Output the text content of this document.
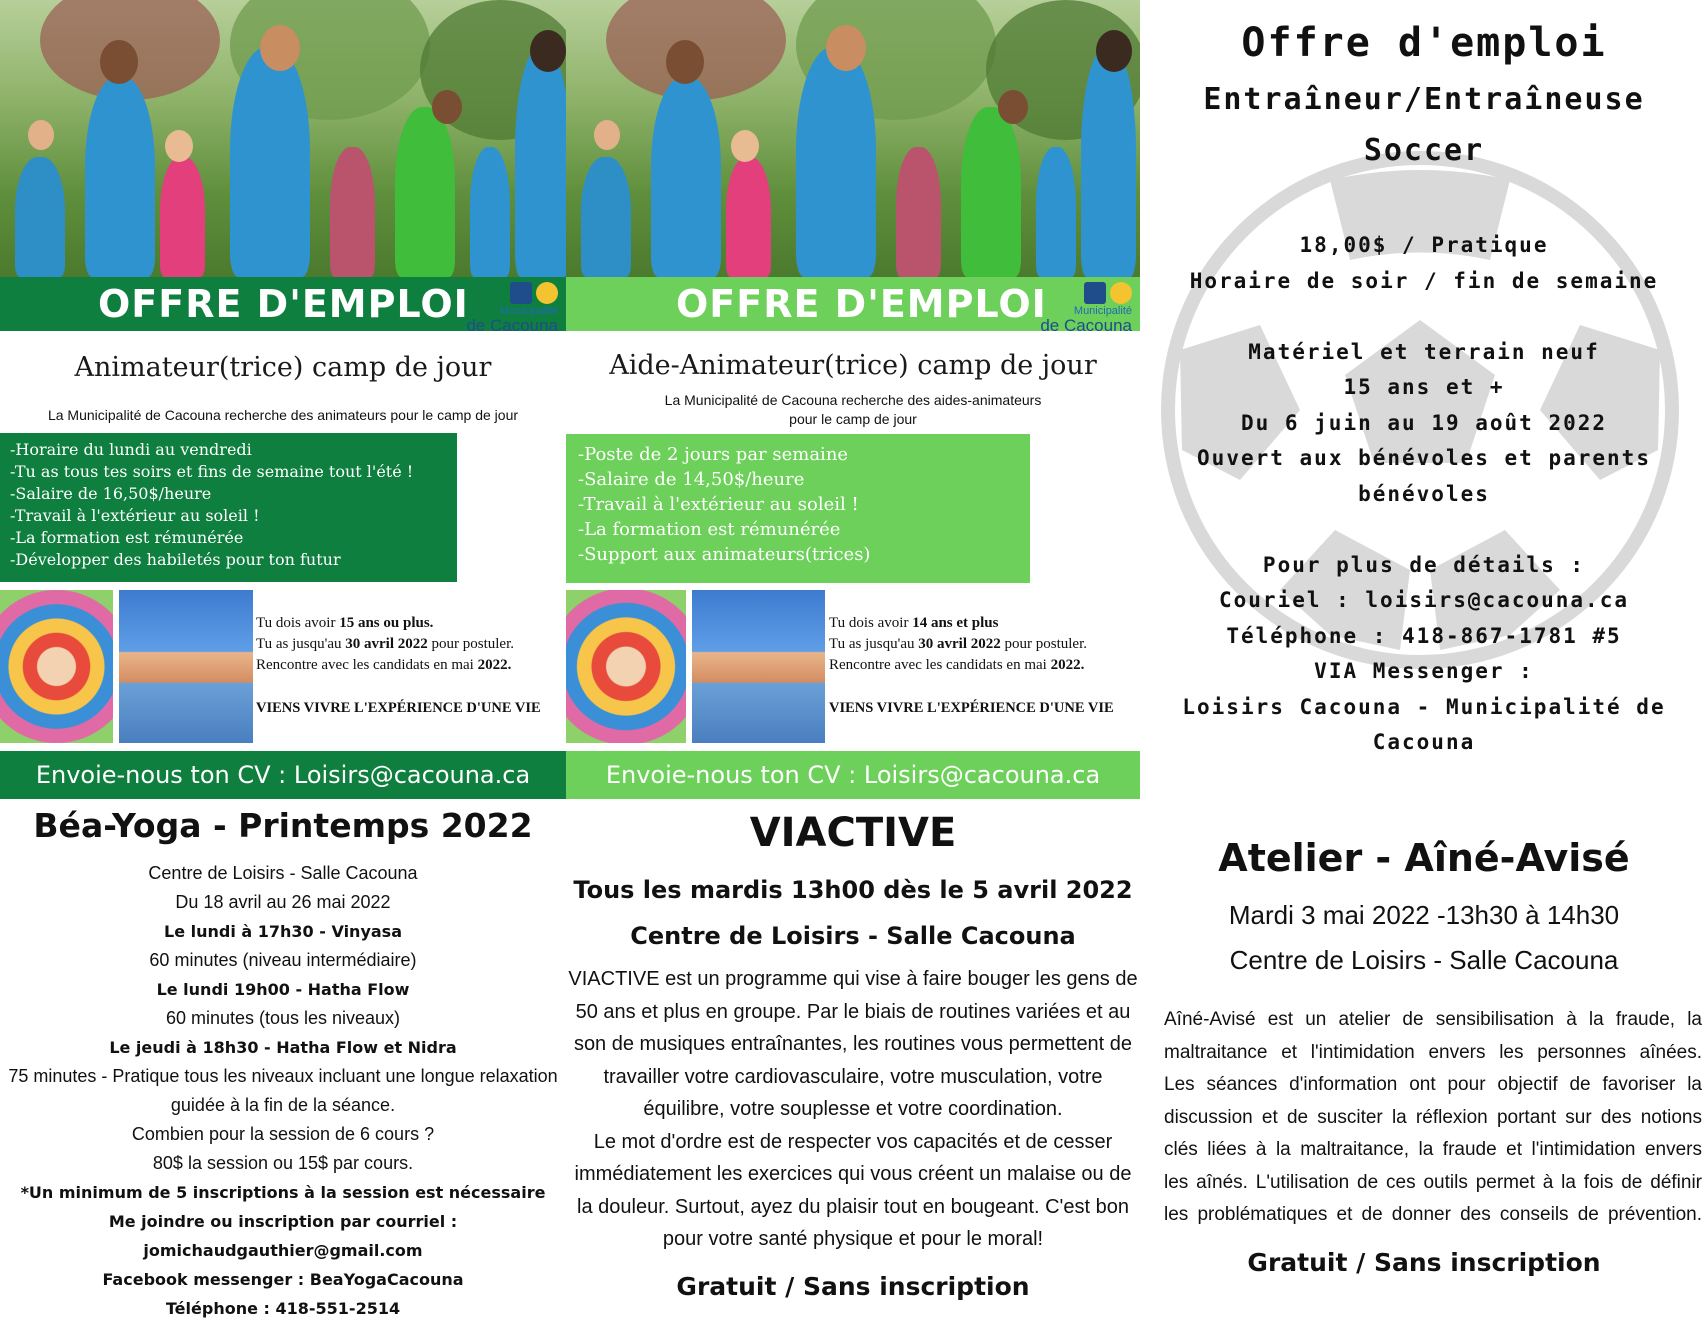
OFFRE D'EMPLOI	Municipalité
de Cacouna
Animateur(trice) camp de jour
La Municipalité de Cacouna recherche des animateurs pour le camp de jour
-Horaire du lundi au vendredi
-Tu as tous tes soirs et fins de semaine tout l'été !
-Salaire de 16,50$/heure
-Travail à l'extérieur au soleil !
-La formation est rémunérée
-Développer des habiletés pour ton futur
Tu dois avoir 15 ans ou plus.
Tu as jusqu'au 30 avril 2022 pour postuler.
Rencontre avec les candidats en mai 2022.
VIENS VIVRE L'EXPÉRIENCE D'UNE VIE
Envoie-nous ton CV : Loisirs@cacouna.ca
OFFRE D'EMPLOI	Municipalité
de Cacouna
Aide-Animateur(trice) camp de jour
La Municipalité de Cacouna recherche des aides-animateurs
pour le camp de jour
-Poste de 2 jours par semaine
-Salaire de 14,50$/heure
-Travail à l'extérieur au soleil !
-La formation est rémunérée
-Support aux animateurs(trices)
Tu dois avoir 14 ans et plus
Tu as jusqu'au 30 avril 2022 pour postuler.
Rencontre avec les candidats en mai 2022.
VIENS VIVRE L'EXPÉRIENCE D'UNE VIE
Envoie-nous ton CV : Loisirs@cacouna.ca
Offre d'emploi
Entraîneur/Entraîneuse
Soccer
18,00$ / Pratique
Horaire de soir / fin de semaine

Matériel et terrain neuf
15 ans et +
Du 6 juin au 19 août 2022
Ouvert aux bénévoles et parents
bénévoles

Pour plus de détails :
Couriel : loisirs@cacouna.ca
Téléphone : 418-867-1781 #5
VIA Messenger :
Loisirs Cacouna - Municipalité de
Cacouna
Béa-Yoga - Printemps 2022
Centre de Loisirs - Salle Cacouna
Du 18 avril au 26 mai 2022
Le lundi à 17h30 - Vinyasa
60 minutes (niveau intermédiaire)
Le lundi 19h00 - Hatha Flow
60 minutes (tous les niveaux)
Le jeudi à 18h30 - Hatha Flow et Nidra
75 minutes - Pratique tous les niveaux incluant une longue relaxation
guidée à la fin de la séance.
Combien pour la session de 6 cours ?
80$ la session ou 15$ par cours.
*Un minimum de 5 inscriptions à la session est nécessaire
Me joindre ou inscription par courriel :
jomichaudgauthier@gmail.com
Facebook messenger : BeaYogaCacouna
Téléphone : 418-551-2514
VIACTIVE
Tous les mardis 13h00 dès le 5 avril 2022
Centre de Loisirs - Salle Cacouna
VIACTIVE est un programme qui vise à faire bouger les gens de
50 ans et plus en groupe. Par le biais de routines variées et au
son de musiques entraînantes, les routines vous permettent de
travailler votre cardiovasculaire, votre musculation, votre
équilibre, votre souplesse et votre coordination.
Le mot d'ordre est de respecter vos capacités et de cesser
immédiatement les exercices qui vous créent un malaise ou de
la douleur. Surtout, ayez du plaisir tout en bougeant. C'est bon
pour votre santé physique et pour le moral!
Gratuit / Sans inscription
Atelier - Aîné-Avisé
Mardi 3 mai 2022 -13h30 à 14h30
Centre de Loisirs - Salle Cacouna
Aîné-Avisé est un atelier de sensibilisation à la fraude, la
maltraitance et l'intimidation envers les personnes aînées.
Les séances d'information ont pour objectif de favoriser la
discussion et de susciter la réflexion portant sur des notions
clés liées à la maltraitance, la fraude et l'intimidation envers
les aînés. L'utilisation de ces outils permet à la fois de définir
les problématiques et de donner des conseils de prévention.
Gratuit / Sans inscription
